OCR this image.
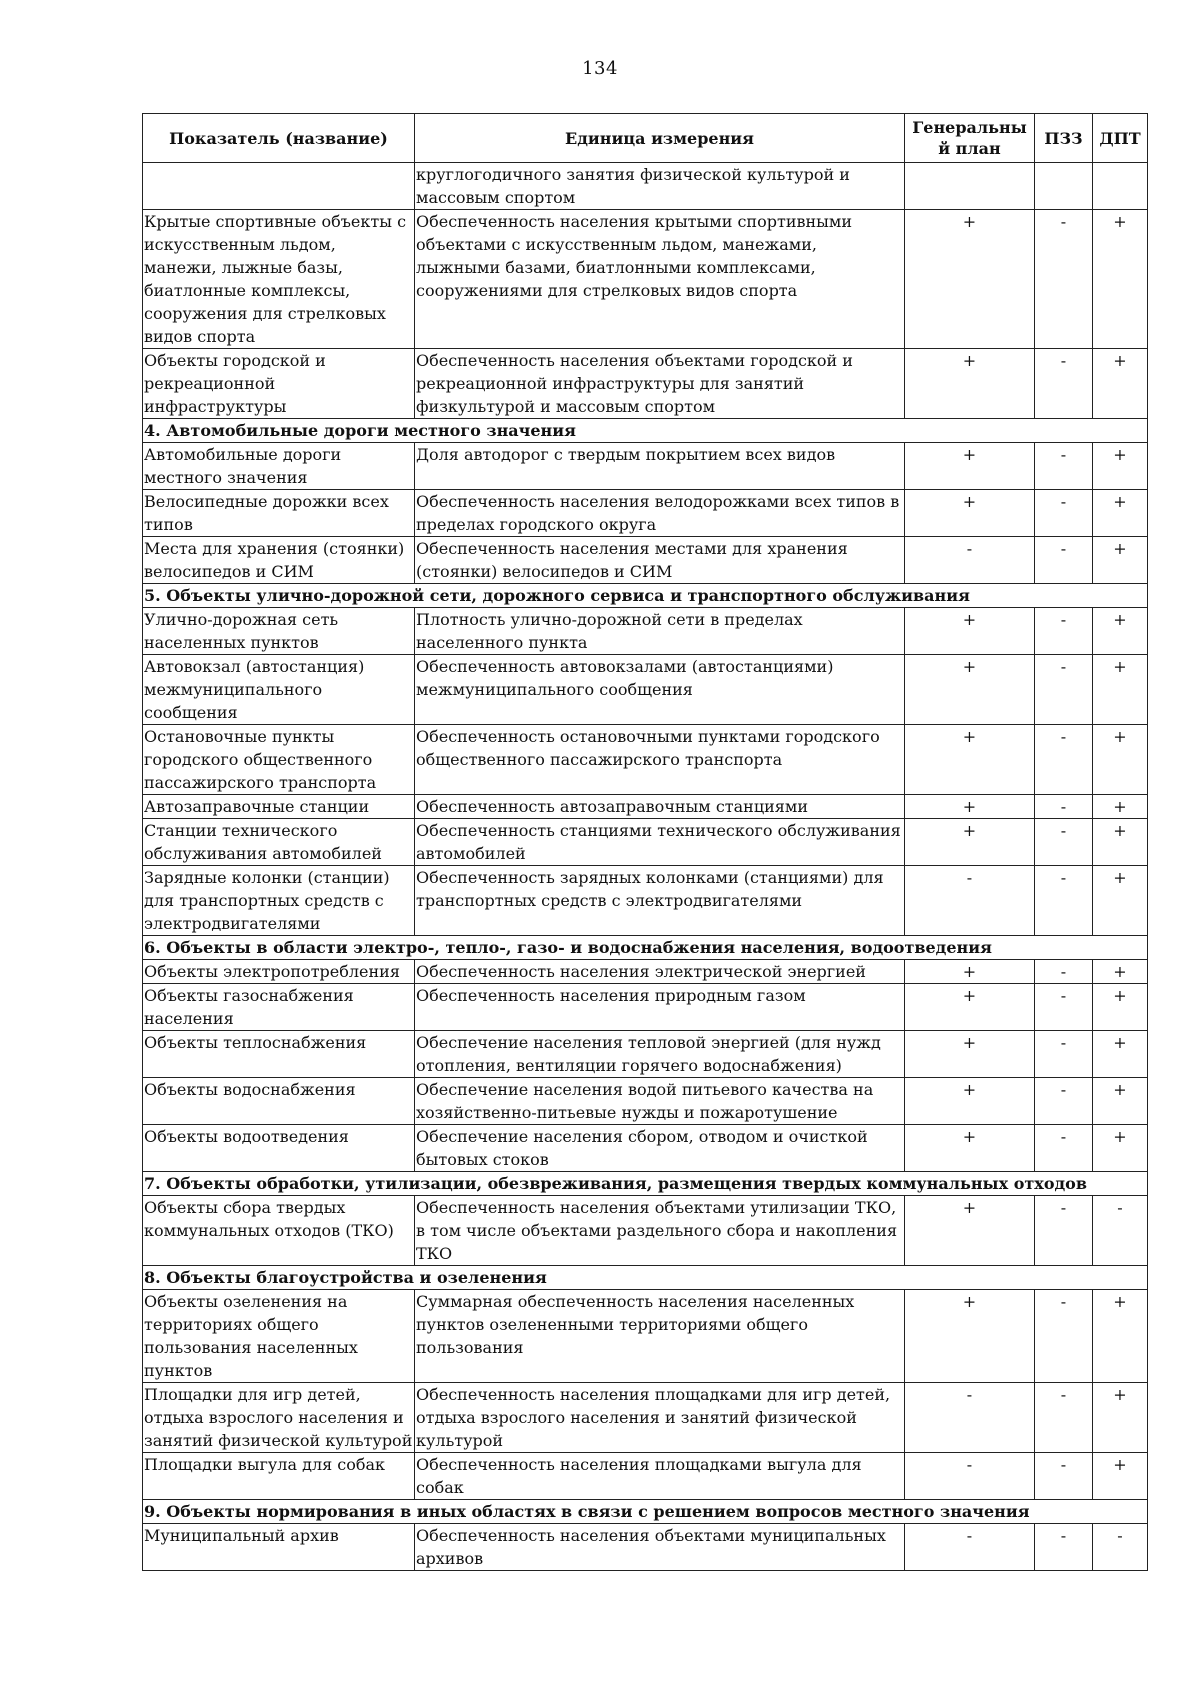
134
Показатель (название)	Единица измерения	Генеральный план	ПЗЗ	ДПТ
	круглогодичного занятия физической культурой и массовым спортом			
Крытые спортивные объекты с искусственным льдом, манежи, лыжные базы, биатлонные комплексы, сооружения для стрелковых видов спорта	Обеспеченность населения крытыми спортивными объектами с искусственным льдом, манежами, лыжными базами, биатлонными комплексами, сооружениями для стрелковых видов спорта	+	-	+
Объекты городской и рекреационной инфраструктуры	Обеспеченность населения объектами городской и рекреационной инфраструктуры для занятий физкультурой и массовым спортом	+	-	+
4. Автомобильные дороги местного значения				
Автомобильные дороги местного значения	Доля автодорог с твердым покрытием всех видов	+	-	+
Велосипедные дорожки всех типов	Обеспеченность населения велодорожками всех типов в пределах городского округа	+	-	+
Места для хранения (стоянки) велосипедов и СИМ	Обеспеченность населения местами для хранения (стоянки) велосипедов и СИМ	-	-	+
5. Объекты улично-дорожной сети, дорожного сервиса и транспортного обслуживания				
Улично-дорожная сеть населенных пунктов	Плотность улично-дорожной сети в пределах населенного пункта	+	-	+
Автовокзал (автостанция) межмуниципального сообщения	Обеспеченность автовокзалами (автостанциями) межмуниципального сообщения	+	-	+
Остановочные пункты городского общественного пассажирского транспорта	Обеспеченность остановочными пунктами городского общественного пассажирского транспорта	+	-	+
Автозаправочные станции	Обеспеченность автозаправочным станциями	+	-	+
Станции технического обслуживания автомобилей	Обеспеченность станциями технического обслуживания автомобилей	+	-	+
Зарядные колонки (станции) для транспортных средств с электродвигателями	Обеспеченность зарядных колонками (станциями) для транспортных средств с электродвигателями	-	-	+
6. Объекты в области электро-, тепло-, газо- и водоснабжения населения, водоотведения				
Объекты электропотребления	Обеспеченность населения электрической энергией	+	-	+
Объекты газоснабжения населения	Обеспеченность населения природным газом	+	-	+
Объекты теплоснабжения	Обеспечение населения тепловой энергией (для нужд отопления, вентиляции горячего водоснабжения)	+	-	+
Объекты водоснабжения	Обеспечение населения водой питьевого качества на хозяйственно-питьевые нужды и пожаротушение	+	-	+
Объекты водоотведения	Обеспечение населения сбором, отводом и очисткой бытовых стоков	+	-	+
7. Объекты обработки, утилизации, обезвреживания, размещения твердых коммунальных отходов				
Объекты сбора твердых коммунальных отходов (ТКО)	Обеспеченность населения объектами утилизации ТКО, в том числе объектами раздельного сбора и накопления ТКО	+	-	-
8. Объекты благоустройства и озеленения				
Объекты озеленения на территориях общего пользования населенных пунктов	Суммарная обеспеченность населения населенных пунктов озелененными территориями общего пользования	+	-	+
Площадки для игр детей, отдыха взрослого населения и занятий физической культурой	Обеспеченность населения площадками для игр детей, отдыха взрослого населения и занятий физической культурой	-	-	+
Площадки выгула для собак	Обеспеченность населения площадками выгула для собак	-	-	+
9. Объекты нормирования в иных областях в связи с решением вопросов местного значения				
Муниципальный архив	Обеспеченность населения объектами муниципальных архивов	-	-	-
